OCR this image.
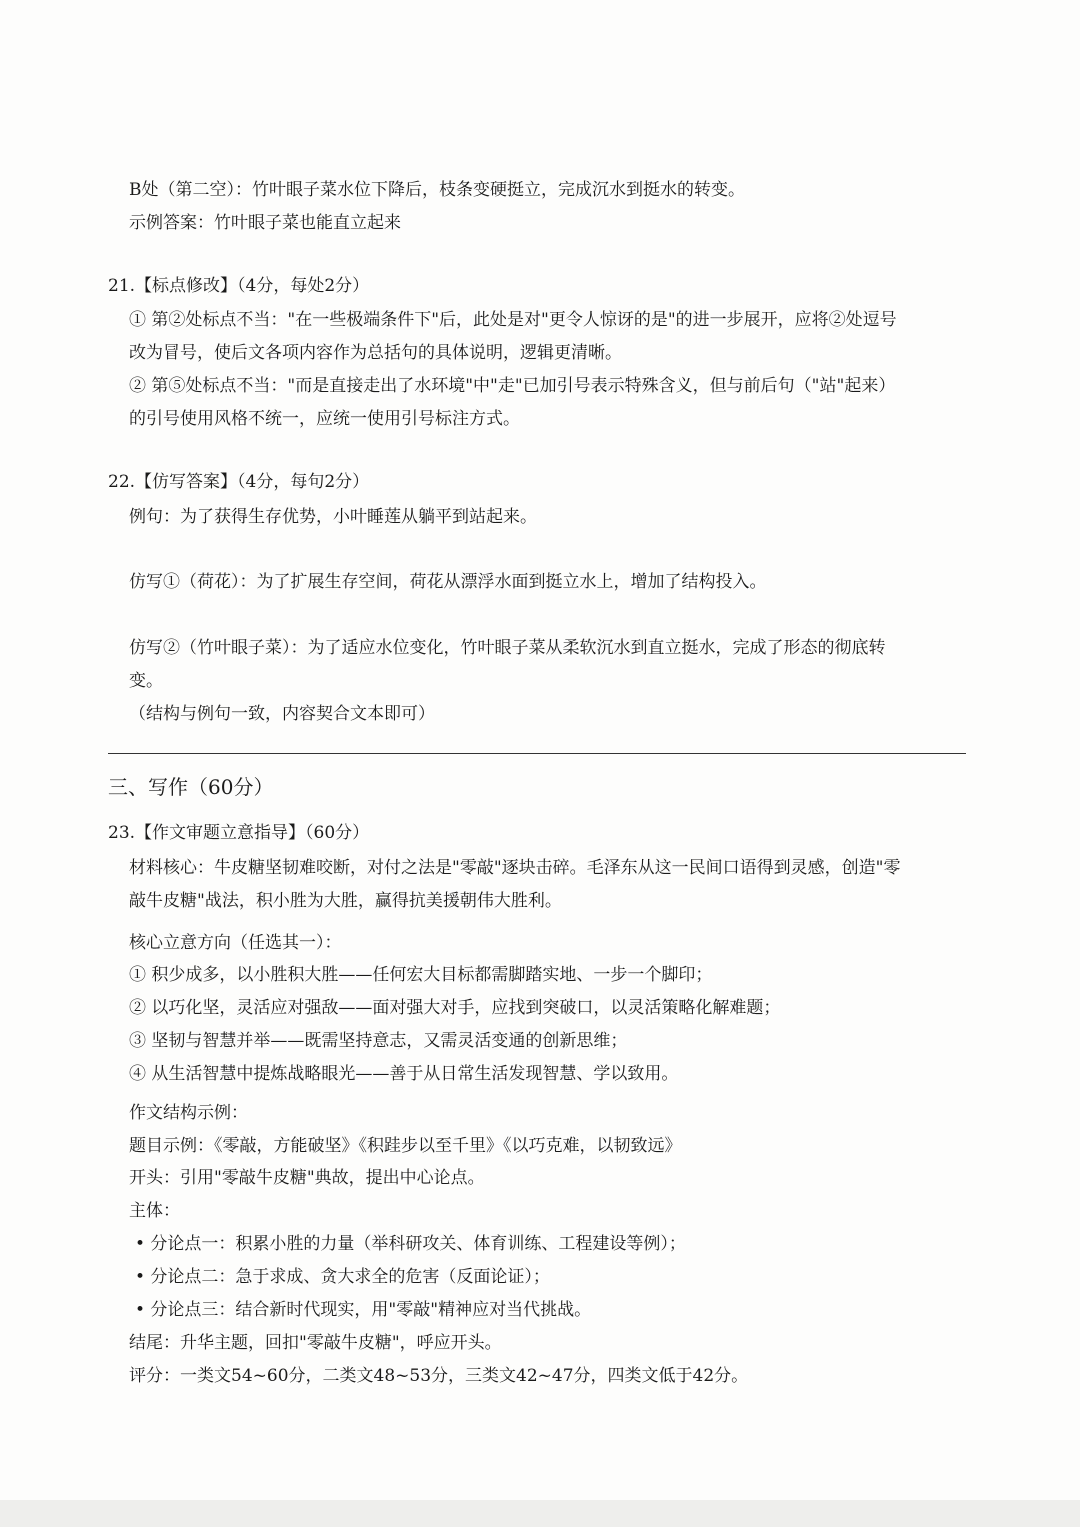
B处（第二空）：竹叶眼子菜水位下降后，枝条变硬挺立，完成沉水到挺水的转变。
示例答案：竹叶眼子菜也能直立起来
21.【标点修改】（4分，每处2分）
① 第②处标点不当："在一些极端条件下"后，此处是对"更令人惊讶的是"的进一步展开，应将②处逗号
改为冒号，使后文各项内容作为总括句的具体说明，逻辑更清晰。
② 第⑤处标点不当："而是直接走出了水环境"中"走"已加引号表示特殊含义，但与前后句（"站"起来）
的引号使用风格不统一，应统一使用引号标注方式。
22.【仿写答案】（4分，每句2分）
例句：为了获得生存优势，小叶睡莲从躺平到站起来。
仿写①（荷花）：为了扩展生存空间，荷花从漂浮水面到挺立水上，增加了结构投入。
仿写②（竹叶眼子菜）：为了适应水位变化，竹叶眼子菜从柔软沉水到直立挺水，完成了形态的彻底转
变。
（结构与例句一致，内容契合文本即可）
三、写作（60分）
23.【作文审题立意指导】（60分）
材料核心：牛皮糖坚韧难咬断，对付之法是"零敲"逐块击碎。毛泽东从这一民间口语得到灵感，创造"零
敲牛皮糖"战法，积小胜为大胜，赢得抗美援朝伟大胜利。
核心立意方向（任选其一）：
① 积少成多，以小胜积大胜——任何宏大目标都需脚踏实地、一步一个脚印；
② 以巧化坚，灵活应对强敌——面对强大对手，应找到突破口，以灵活策略化解难题；
③ 坚韧与智慧并举——既需坚持意志，又需灵活变通的创新思维；
④ 从生活智慧中提炼战略眼光——善于从日常生活发现智慧、学以致用。
作文结构示例：
题目示例：《零敲，方能破坚》《积跬步以至千里》《以巧克难，以韧致远》
开头：引用"零敲牛皮糖"典故，提出中心论点。
主体：
• 分论点一：积累小胜的力量（举科研攻关、体育训练、工程建设等例）；
• 分论点二：急于求成、贪大求全的危害（反面论证）；
• 分论点三：结合新时代现实，用"零敲"精神应对当代挑战。
结尾：升华主题，回扣"零敲牛皮糖"，呼应开头。
评分：一类文54~60分，二类文48~53分，三类文42~47分，四类文低于42分。
